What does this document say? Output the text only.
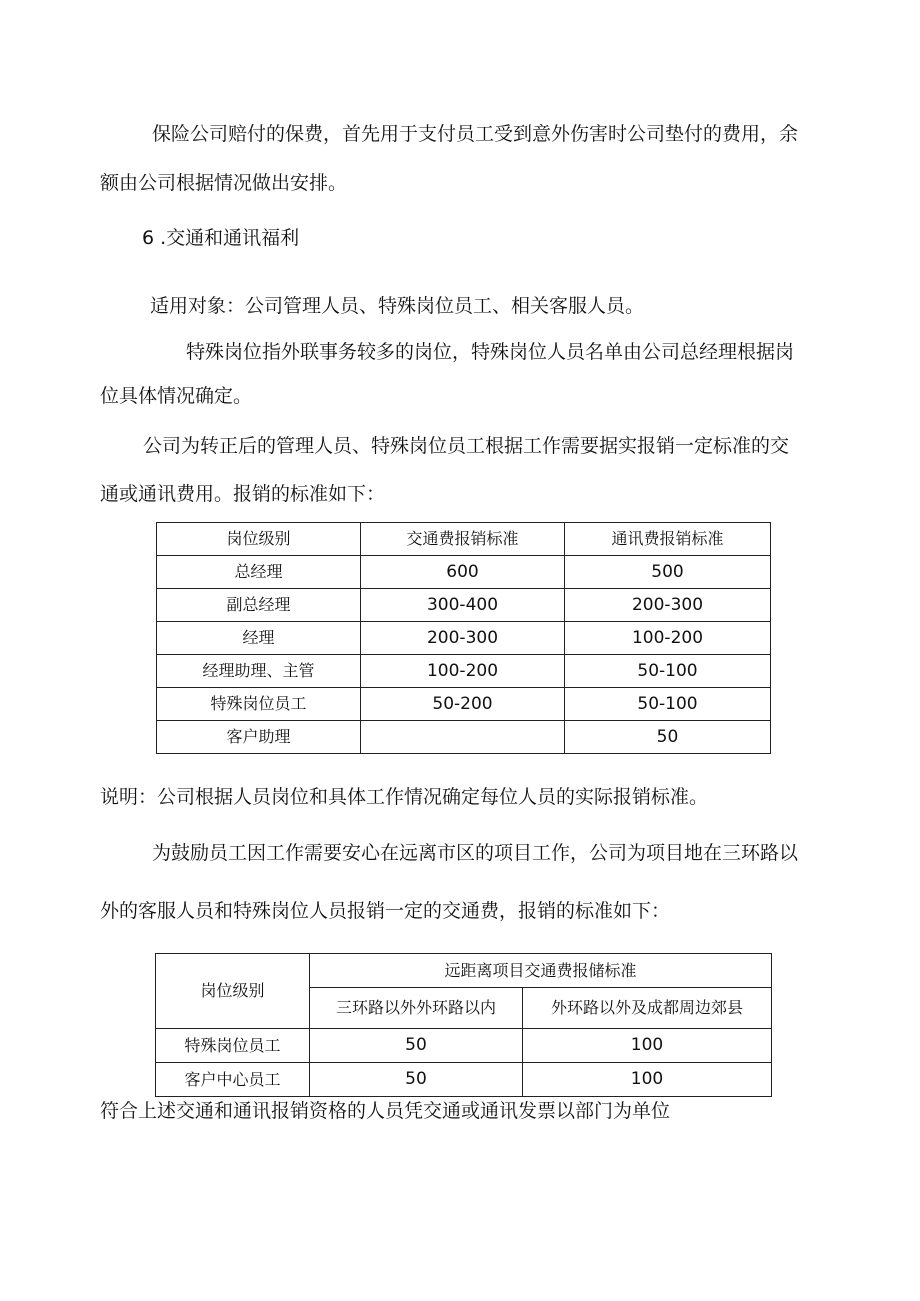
保险公司赔付的保费，首先用于支付员工受到意外伤害时公司垫付的费用，余
额由公司根据情况做出安排。
6 .交通和通讯福利
适用对象：公司管理人员、特殊岗位员工、相关客服人员。
特殊岗位指外联事务较多的岗位，特殊岗位人员名单由公司总经理根据岗
位具体情况确定。
公司为转正后的管理人员、特殊岗位员工根据工作需要据实报销一定标准的交
通或通讯费用。报销的标准如下：
岗位级别	交通费报销标准	通讯费报销标准
总经理	600	500
副总经理	300-400	200-300
经理	200-300	100-200
经理助理、主管	100-200	50-100
特殊岗位员工	50-200	50-100
客户助理		50
说明：公司根据人员岗位和具体工作情况确定每位人员的实际报销标准。
为鼓励员工因工作需要安心在远离市区的项目工作，公司为项目地在三环路以
外的客服人员和特殊岗位人员报销一定的交通费，报销的标准如下：
岗位级别	远距离项目交通费报储标准	
	三环路以外外环路以内	外环路以外及成都周边郊县
特殊岗位员工	50	100
客户中心员工	50	100
符合上述交通和通讯报销资格的人员凭交通或通讯发票以部门为单位
